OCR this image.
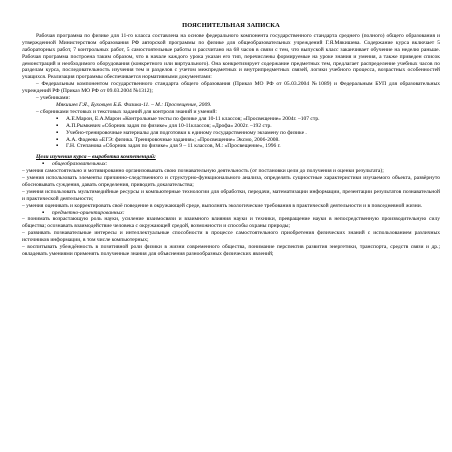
ПОЯСНИТЕЛЬНАЯ ЗАПИСКА

Рабочая программа по физике для 11-го класса составлена на основе федерального компонента государственного стандарта среднего (полного) общего образования и утвержденной Министерством образования РФ авторской программы по физике для общеобразовательных учреждений Г.Я.Мякишева. Содержание курса включает 5 лабораторных работ, 7 контрольных работ, 5 самостоятельные работы и рассчитано на 68 часов в связи с тем, что выпуской класс заканчивает обучение на неделю раньше. Рабочая программа построена таким образом, что в начале каждого урока указан его тип, перечислены формируемые на уроке знания и умения, а также приведен список демонстраций и необходимого оборудования (конкретного или виртуального). Она конкретизирует содержание предметных тем, предлагает распределение учебных часов по разделам курса, последовательность изучения тем и разделов с учетом межпредметных и внутрипредметных связей, логики учебного процесса, возрастных особенностей учащихся. Реализация программы обеспечивается нормативными документами:

– Федеральным компонентом государственного стандарта общего образования (Приказ МО РФ от 05.03.2004 №1089) и Федеральным БУП для образовательных учреждений РФ (Приказ МО РФ от 09.03.2004 №1312);

– учебниками:

Мякишев Г.Я., Буховцев Б.Б. Физика-11. – М.: Просвещение, 2009.

– сборниками тестовых и текстовых заданий для контроля знаний и умений:

▪ А.Е.Марон, Е.А.Марон «Контрольные тесты по физике для 10-11 классов; «Просвещение» 2004г. –107 стр.
▪ А.П.Рымкевич «Сборник задач по физике» для 10-11классов; «Дрофа» 2002г. –192 стр.
▪ Учебно-тренировочные материалы для подготовки к единому государственному экзамену по физике .
▪ А.А. Фадеева «ЕГЭ: физика. Тренировочные задания»; «Просвещение» Эксмо, 2006-2008.
▪ Г.Н. Степанова «Сборник задач по физике» для 9 – 11 классов, М.: «Просвещение», 1996 г.

Цели изучения курса – выработка компетенций:

▪ общеобразовательных:

– умения самостоятельно и мотивированно организовывать свою познавательную деятельность (от постановки цели до получения и оценки результата);

– умения использовать элементы причинно-следственного и структурно-функционального анализа, определять сущностные характеристики изучаемого объекта, развёрнуто обосновывать суждения, давать определения, приводить доказательства;

– умения использовать мультимедийные ресурсы и компьютерные технологии для обработки, передачи, математизации информации, презентации результатов познавательной и практической деятельности;

– умения оценивать и корректировать своё поведение в окружающей среде, выполнять экологические требования в практической деятельности и в повседневной жизни.

▪ предметно-ориентированных:

– понимать возрастающую роль науки, усиление взаимосвязи и взаимного влияния науки и техники, превращение науки в непосредственную производительную силу общества; осознавать взаимодействие человека с окружающей средой, возможности и способы охраны природы;

– развивать познавательные интересы и интеллектуальные способности в процессе самостоятельного приобретения физических знаний с использованием различных источников информации, в том числе компьютерных;

– воспитывать убеждённость в позитивной роли физики в жизни современного общества, понимание перспектив развития энергетики, транспорта, средств связи и др.; овладевать умениями применять полученные знания для объяснения разнообразных физических явлений;
